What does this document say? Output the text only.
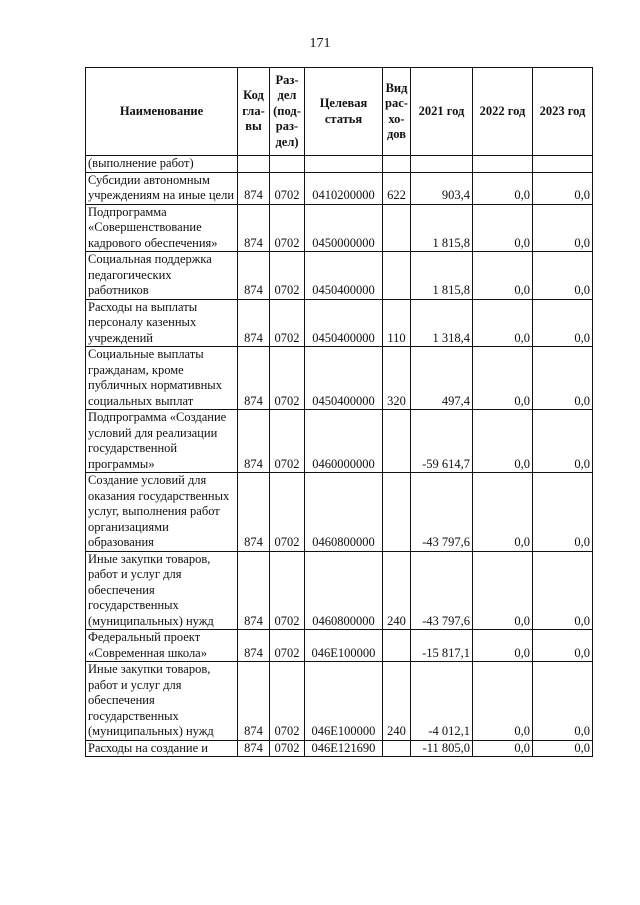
171
Наименование	Код гла- вы	Раз- дел (под- раз- дел)	Целевая статья	Вид рас- хо- дов	2021 год	2022 год	2023 год
(выполнение работ)							
Субсидии автономным учреждениям на иные цели	874	0702	0410200000	622	903,4	0,0	0,0
Подпрограмма «Совершенствование кадрового обеспечения»	874	0702	0450000000		1 815,8	0,0	0,0
Социальная поддержка педагогических работников	874	0702	0450400000		1 815,8	0,0	0,0
Расходы на выплаты персоналу казенных учреждений	874	0702	0450400000	110	1 318,4	0,0	0,0
Социальные выплаты гражданам, кроме публичных нормативных социальных выплат	874	0702	0450400000	320	497,4	0,0	0,0
Подпрограмма «Создание условий для реализации государственной программы»	874	0702	0460000000		-59 614,7	0,0	0,0
Создание условий для оказания государственных услуг, выполнения работ организациями образования	874	0702	0460800000		-43 797,6	0,0	0,0
Иные закупки товаров, работ и услуг для обеспечения государственных (муниципальных) нужд	874	0702	0460800000	240	-43 797,6	0,0	0,0
Федеральный проект «Современная школа»	874	0702	046E100000		-15 817,1	0,0	0,0
Иные закупки товаров, работ и услуг для обеспечения государственных (муниципальных) нужд	874	0702	046E100000	240	-4 012,1	0,0	0,0
Расходы на создание и	874	0702	046E121690		-11 805,0	0,0	0,0
